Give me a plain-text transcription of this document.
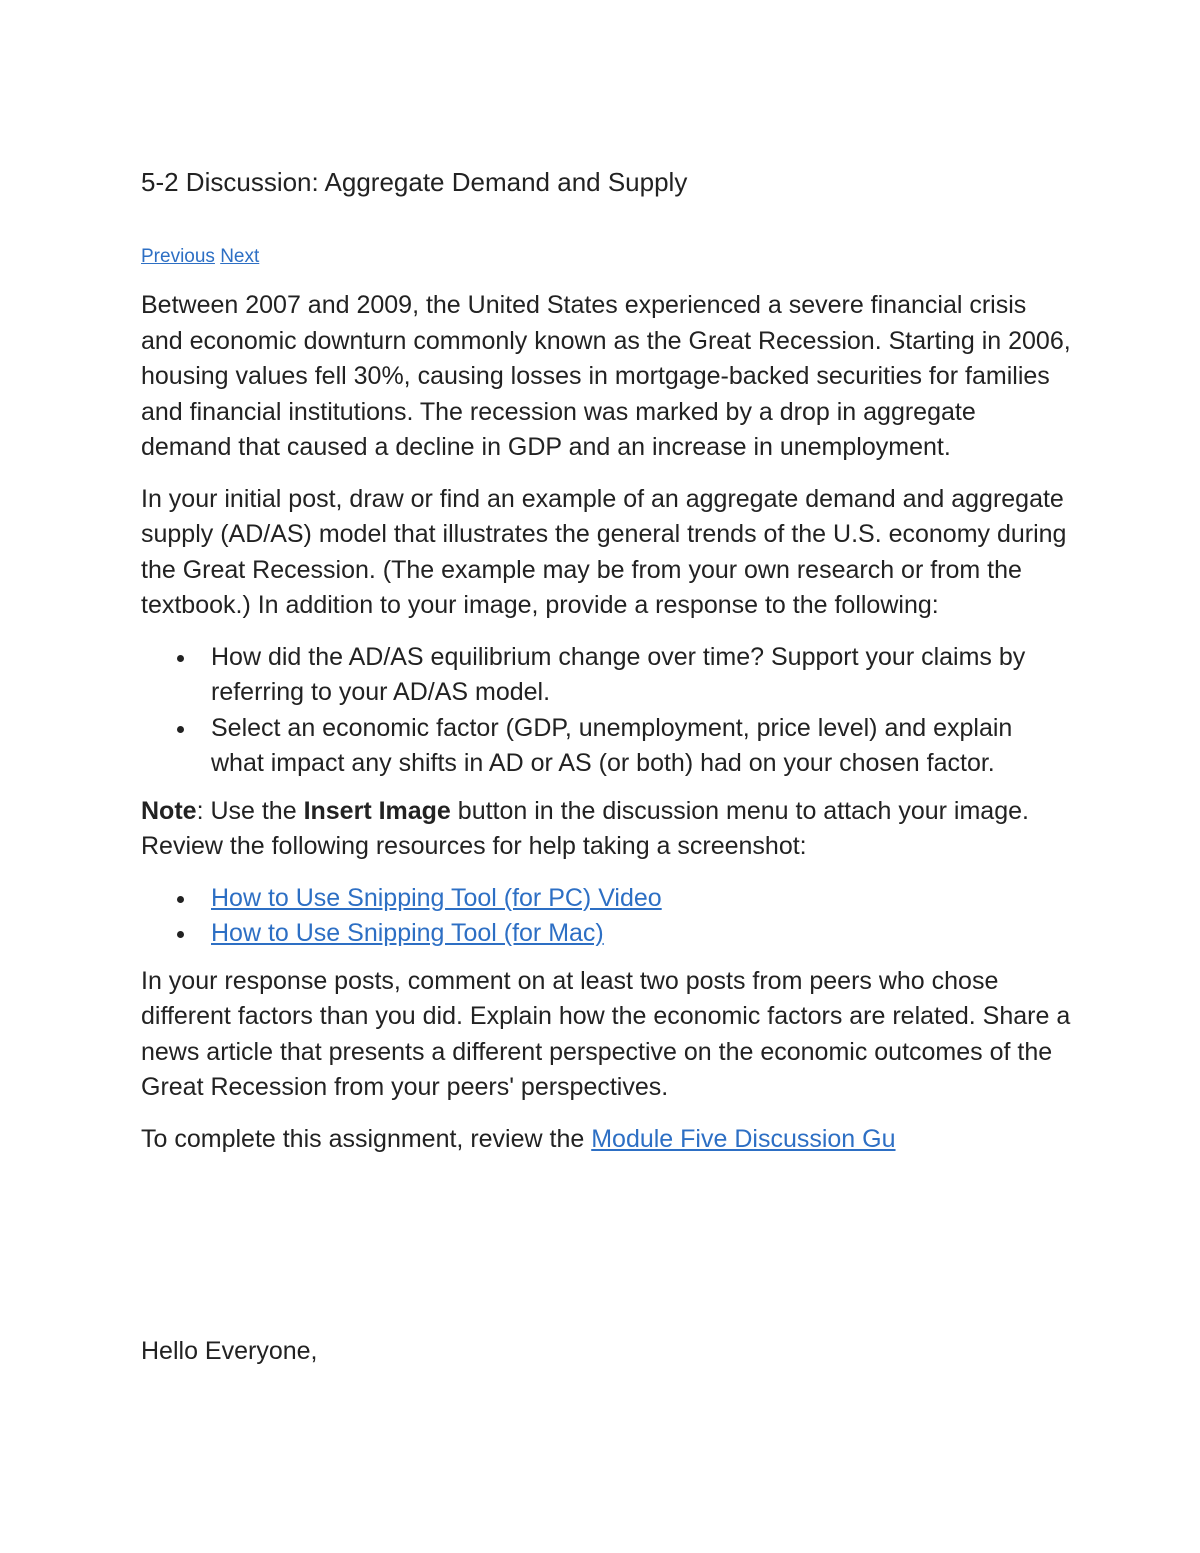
5-2 Discussion: Aggregate Demand and Supply
Previous Next

Between 2007 and 2009, the United States experienced a severe financial crisis and economic downturn commonly known as the Great Recession. Starting in 2006, housing values fell 30%, causing losses in mortgage-backed securities for families and financial institutions. The recession was marked by a drop in aggregate demand that caused a decline in GDP and an increase in unemployment.

In your initial post, draw or find an example of an aggregate demand and aggregate supply (AD/AS) model that illustrates the general trends of the U.S. economy during the Great Recession. (The example may be from your own research or from the textbook.) In addition to your image, provide a response to the following:

How did the AD/AS equilibrium change over time? Support your claims by referring to your AD/AS model.
Select an economic factor (GDP, unemployment, price level) and explain what impact any shifts in AD or AS (or both) had on your chosen factor.

Note: Use the Insert Image button in the discussion menu to attach your image. Review the following resources for help taking a screenshot:

How to Use Snipping Tool (for PC) Video
How to Use Snipping Tool (for Mac)

In your response posts, comment on at least two posts from peers who chose different factors than you did. Explain how the economic factors are related. Share a news article that presents a different perspective on the economic outcomes of the Great Recession from your peers' perspectives.

To complete this assignment, review the Module Five Discussion Gu

Hello Everyone,
